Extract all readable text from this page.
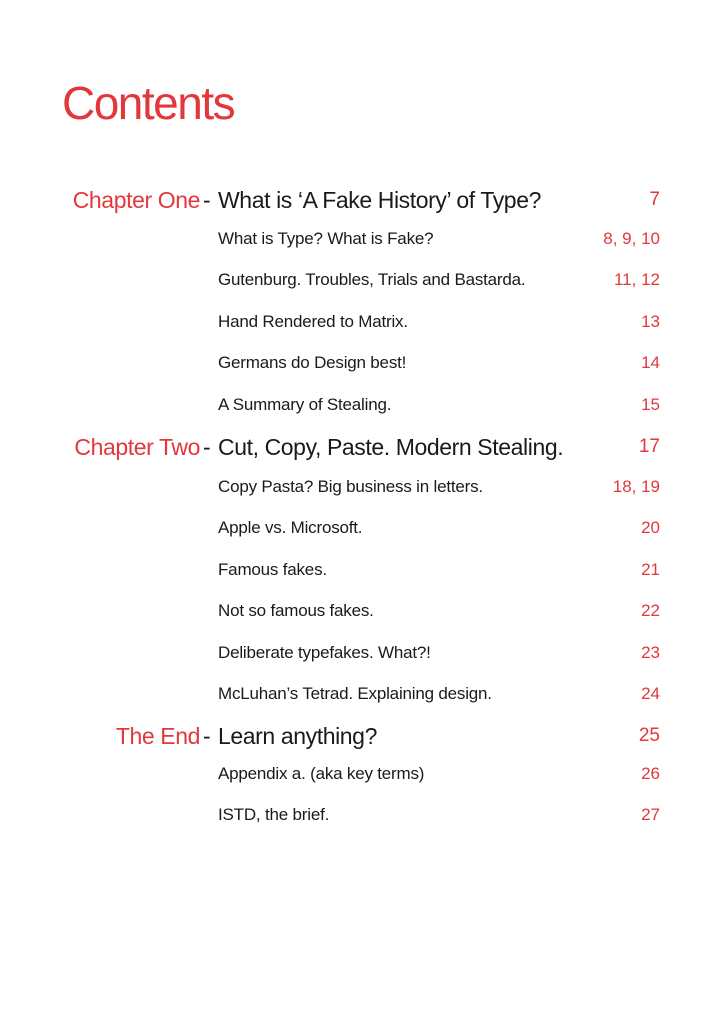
Contents
Chapter One - What is ‘A Fake History’ of Type?	7
What is Type? What is Fake?	8, 9, 10
Gutenburg. Troubles, Trials and Bastarda.	11, 12
Hand Rendered to Matrix.	13
Germans do Design best!	14
A Summary of Stealing.	15
Chapter Two - Cut, Copy, Paste. Modern Stealing.	17
Copy Pasta? Big business in letters.	18, 19
Apple vs. Microsoft.	20
Famous fakes.	21
Not so famous fakes.	22
Deliberate typefakes. What?!	23
McLuhan’s Tetrad. Explaining design.	24
The End - Learn anything?	25
Appendix a. (aka key terms)	26
ISTD, the brief.	27
